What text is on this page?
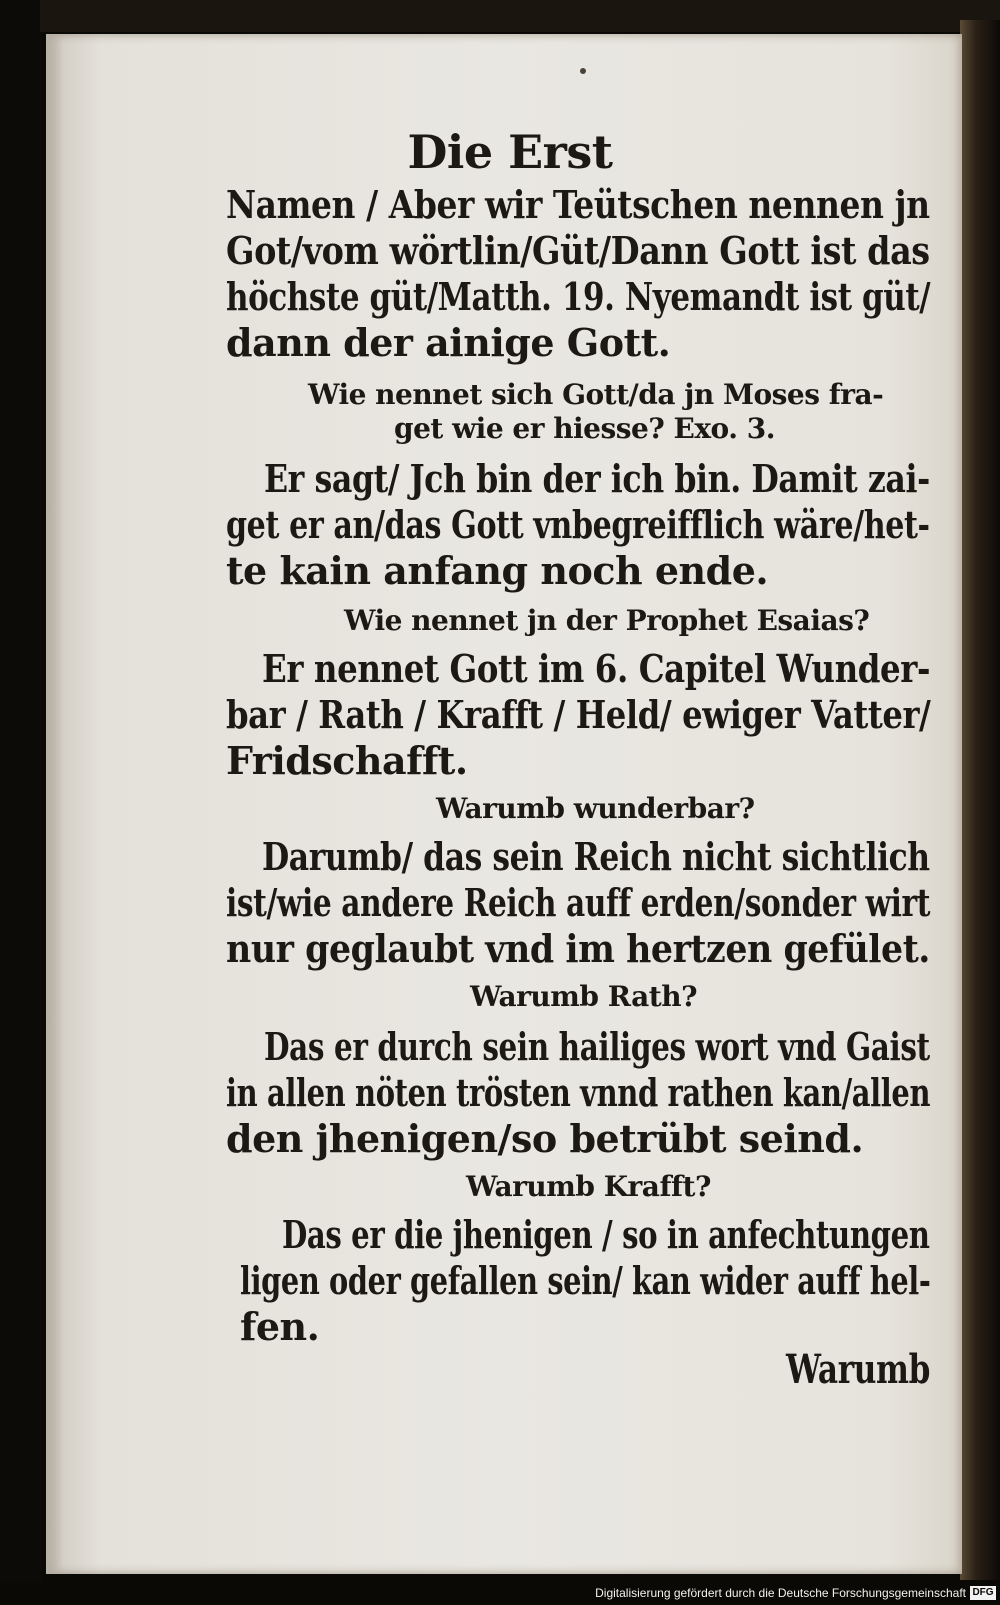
Die Erst
Namen / Aber wir Teütschen nennen jn
Got/vom wörtlin/Güt/Dann Gott ist das
höchste güt/Matth. 19. Nyemandt ist güt/
dann der ainige Gott.
Wie nennet sich Gott/da jn Moses fra-
get wie er hiesse? Exo. 3.
Er sagt/ Jch bin der ich bin. Damit zai-
get er an/das Gott vnbegreifflich wäre/het-
te kain anfang noch ende.
Wie nennet jn der Prophet Esaias?
Er nennet Gott im 6. Capitel Wunder-
bar / Rath / Krafft / Held/ ewiger Vatter/
Fridschafft.
Warumb wunderbar?
Darumb/ das sein Reich nicht sichtlich
ist/wie andere Reich auff erden/sonder wirt
nur geglaubt vnd im hertzen gefület.
Warumb Rath?
Das er durch sein hailiges wort vnd Gaist
in allen nöten trösten vnnd rathen kan/allen
den jhenigen/so betrübt seind.
Warumb Krafft?
Das er die jhenigen / so in anfechtungen
ligen oder gefallen sein/ kan wider auff hel-
fen.
Warumb
Digitalisierung gefördert durch die Deutsche Forschungsgemeinschaft DFG
